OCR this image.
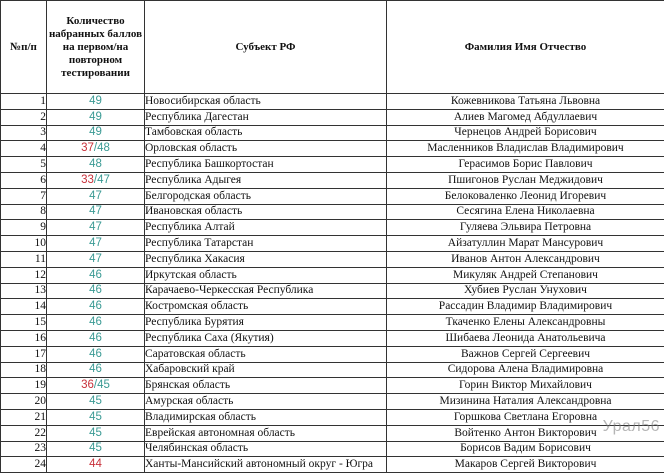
№п/п	Количество набранных баллов на первом/на повторном тестировании	Субъект РФ	Фамилия Имя Отчество
1	49	Новосибирская область	Кожевникова Татьяна Львовна
2	49	Республика Дагестан	Алиев Магомед Абдуллаевич
3	49	Тамбовская область	Чернецов Андрей Борисович
4	37/48	Орловская область	Масленников Владислав Владимирович
5	48	Республика Башкортостан	Герасимов Борис Павлович
6	33/47	Республика Адыгея	Пшигонов Руслан Меджидович
7	47	Белгородская область	Белоковаленко Леонид Игоревич
8	47	Ивановская область	Сесягина Елена Николаевна
9	47	Республика Алтай	Гуляева Эльвира Петровна
10	47	Республика Татарстан	Айзатуллин Марат Мансурович
11	47	Республика Хакасия	Иванов Антон Александрович
12	46	Иркутская область	Микуляк Андрей Степанович
13	46	Карачаево-Черкесская Республика	Хубиев Руслан Унухович
14	46	Костромская область	Рассадин Владимир Владимирович
15	46	Республика Бурятия	Ткаченко Елены Александровны
16	46	Республика Саха (Якутия)	Шибаева Леонида Анатольевича
17	46	Саратовская область	Важнов Сергей Сергеевич
18	46	Хабаровский край	Сидорова Алена Владимировна
19	36/45	Брянская область	Горин Виктор Михайлович
20	45	Амурская область	Мизинина Наталия Александровна
21	45	Владимирская область	Горшкова Светлана Егоровна
22	45	Еврейская автономная область	Войтенко Антон Викторович
23	45	Челябинская область	Борисов Вадим Борисович
24	44	Ханты-Мансийский автономный округ - Югра	Макаров Сергей Викторович
Урал56
